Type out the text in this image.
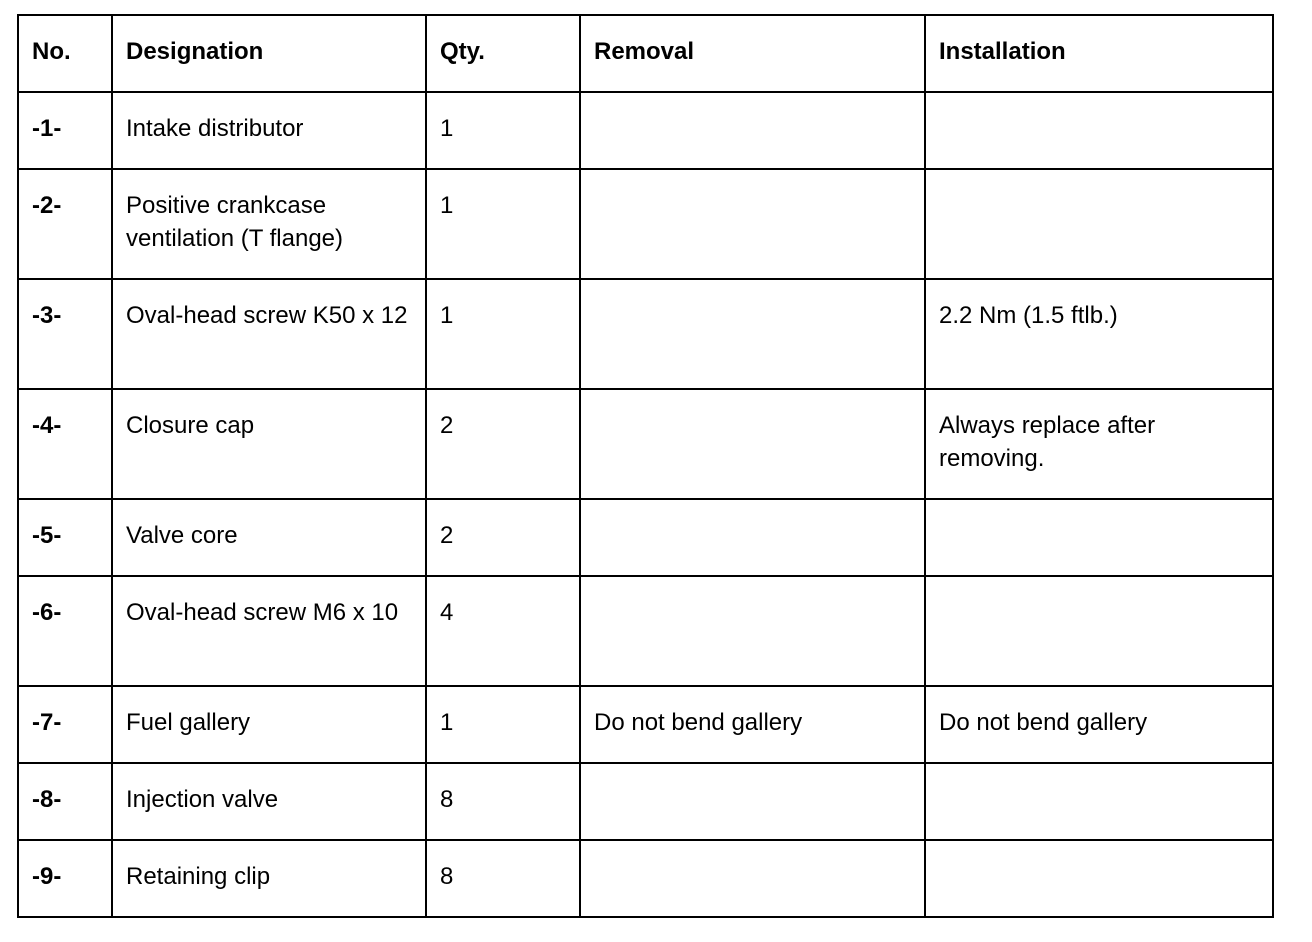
No.	Designation	Qty.	Removal	Installation

-1-	Intake distributor	1		

-2-	Positive crankcase ventilation (T flange)	1		

-3-	Oval-head screw K50 x 12	1		2.2 Nm (1.5 ftlb.)

-4-	Closure cap	2		Always replace after removing.

-5-	Valve core	2		

-6-	Oval-head screw M6 x 10	4		

-7-	Fuel gallery	1	Do not bend gallery	Do not bend gallery

-8-	Injection valve	8		

-9-	Retaining clip	8		
